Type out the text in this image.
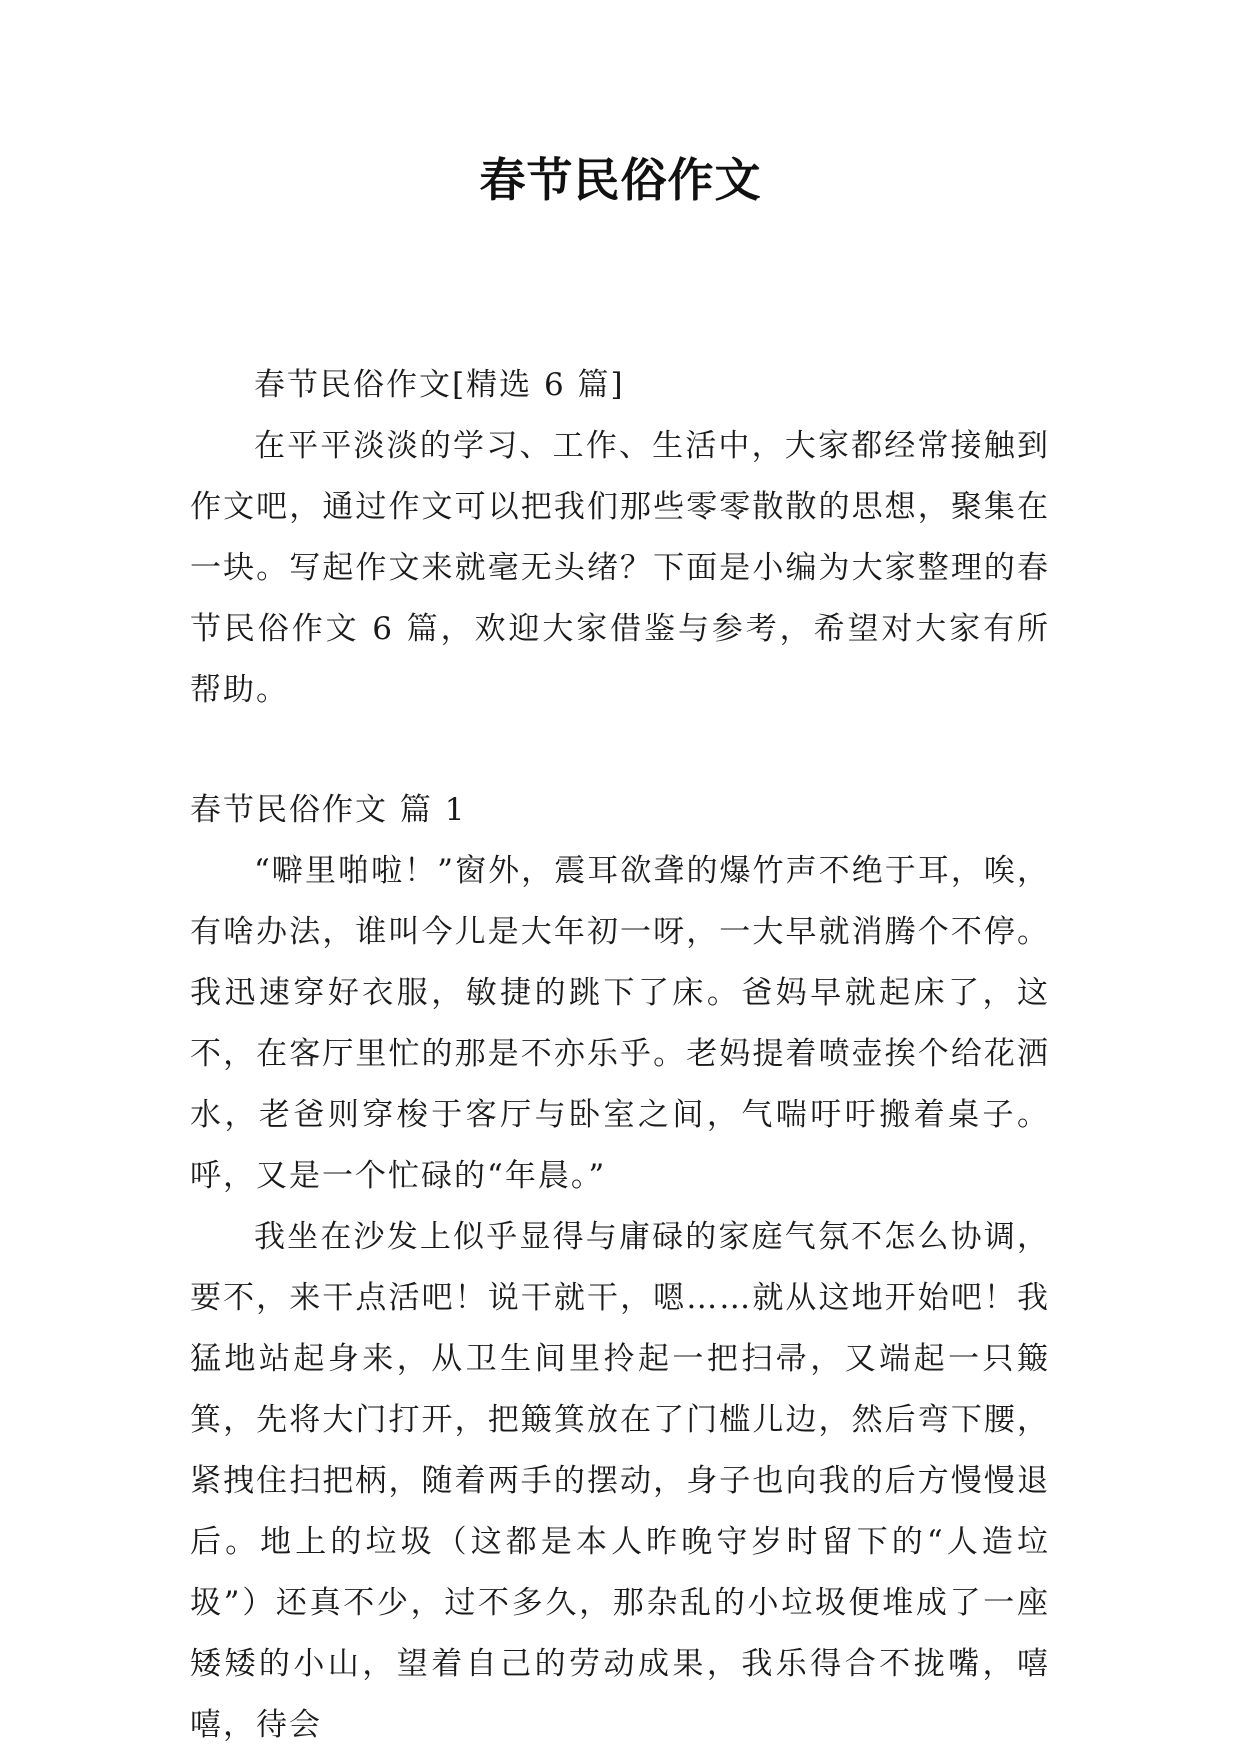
春节民俗作文

春节民俗作文[精选 6 篇]

在平平淡淡的学习、工作、生活中，大家都经常接触到作文吧，通过作文可以把我们那些零零散散的思想，聚集在一块。写起作文来就毫无头绪？下面是小编为大家整理的春节民俗作文 6 篇，欢迎大家借鉴与参考，希望对大家有所帮助。

春节民俗作文 篇 1

“噼里啪啦！”窗外，震耳欲聋的爆竹声不绝于耳，唉，有啥办法，谁叫今儿是大年初一呀，一大早就消腾个不停。我迅速穿好衣服，敏捷的跳下了床。爸妈早就起床了，这不，在客厅里忙的那是不亦乐乎。老妈提着喷壶挨个给花洒水，老爸则穿梭于客厅与卧室之间，气喘吁吁搬着桌子。呼，又是一个忙碌的“年晨。”

我坐在沙发上似乎显得与庸碌的家庭气氛不怎么协调，要不，来干点活吧！说干就干，嗯……就从这地开始吧！我猛地站起身来，从卫生间里拎起一把扫帚，又端起一只簸箕，先将大门打开，把簸箕放在了门槛儿边，然后弯下腰，紧拽住扫把柄，随着两手的摆动，身子也向我的后方慢慢退后。地上的垃圾（这都是本人昨晚守岁时留下的“人造垃圾”）还真不少，过不多久，那杂乱的小垃圾便堆成了一座矮矮的小山，望着自己的劳动成果，我乐得合不拢嘴，嘻嘻，待会
